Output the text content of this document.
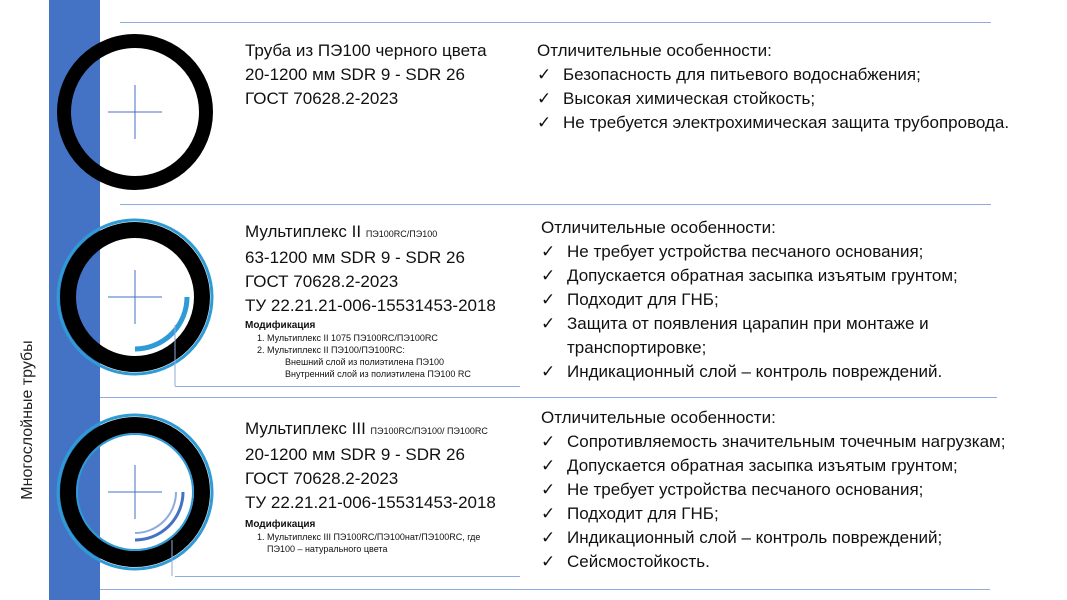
Многослойные трубы
Труба из ПЭ100 черного цвета
20-1200 мм SDR 9 - SDR 26
ГОСТ 70628.2-2023
Отличительные особенности:
✓ Безопасность для питьевого водоснабжения;
✓ Высокая химическая стойкость;
✓ Не требуется электрохимическая защита трубопровода.
Мультиплекс II ПЭ100RC/ПЭ100
63-1200 мм SDR 9 - SDR 26
ГОСТ 70628.2-2023
ТУ 22.21.21-006-15531453-2018
Модификация
1. Мультиплекс II 1075 ПЭ100RC/ПЭ100RC
2. Мультиплекс II ПЭ100/ПЭ100RC:
Внешний слой из полиэтилена ПЭ100
Внутренний слой из полиэтилена ПЭ100 RC
Отличительные особенности:
✓ Не требует устройства песчаного основания;
✓ Допускается обратная засыпка изъятым грунтом;
✓ Подходит для ГНБ;
✓ Защита от появления царапин при монтаже и
транспортировке;
✓ Индикационный слой – контроль повреждений.
Мультиплекс III ПЭ100RC/ПЭ100/ ПЭ100RC
20-1200 мм SDR 9 - SDR 26
ГОСТ 70628.2-2023
ТУ 22.21.21-006-15531453-2018
Модификация
1. Мультиплекс III ПЭ100RC/ПЭ100нат/ПЭ100RC, где
ПЭ100 – натурального цвета
Отличительные особенности:
✓ Сопротивляемость значительным точечным нагрузкам;
✓ Допускается обратная засыпка изъятым грунтом;
✓ Не требует устройства песчаного основания;
✓ Подходит для ГНБ;
✓ Индикационный слой – контроль повреждений;
✓ Сейсмостойкость.
